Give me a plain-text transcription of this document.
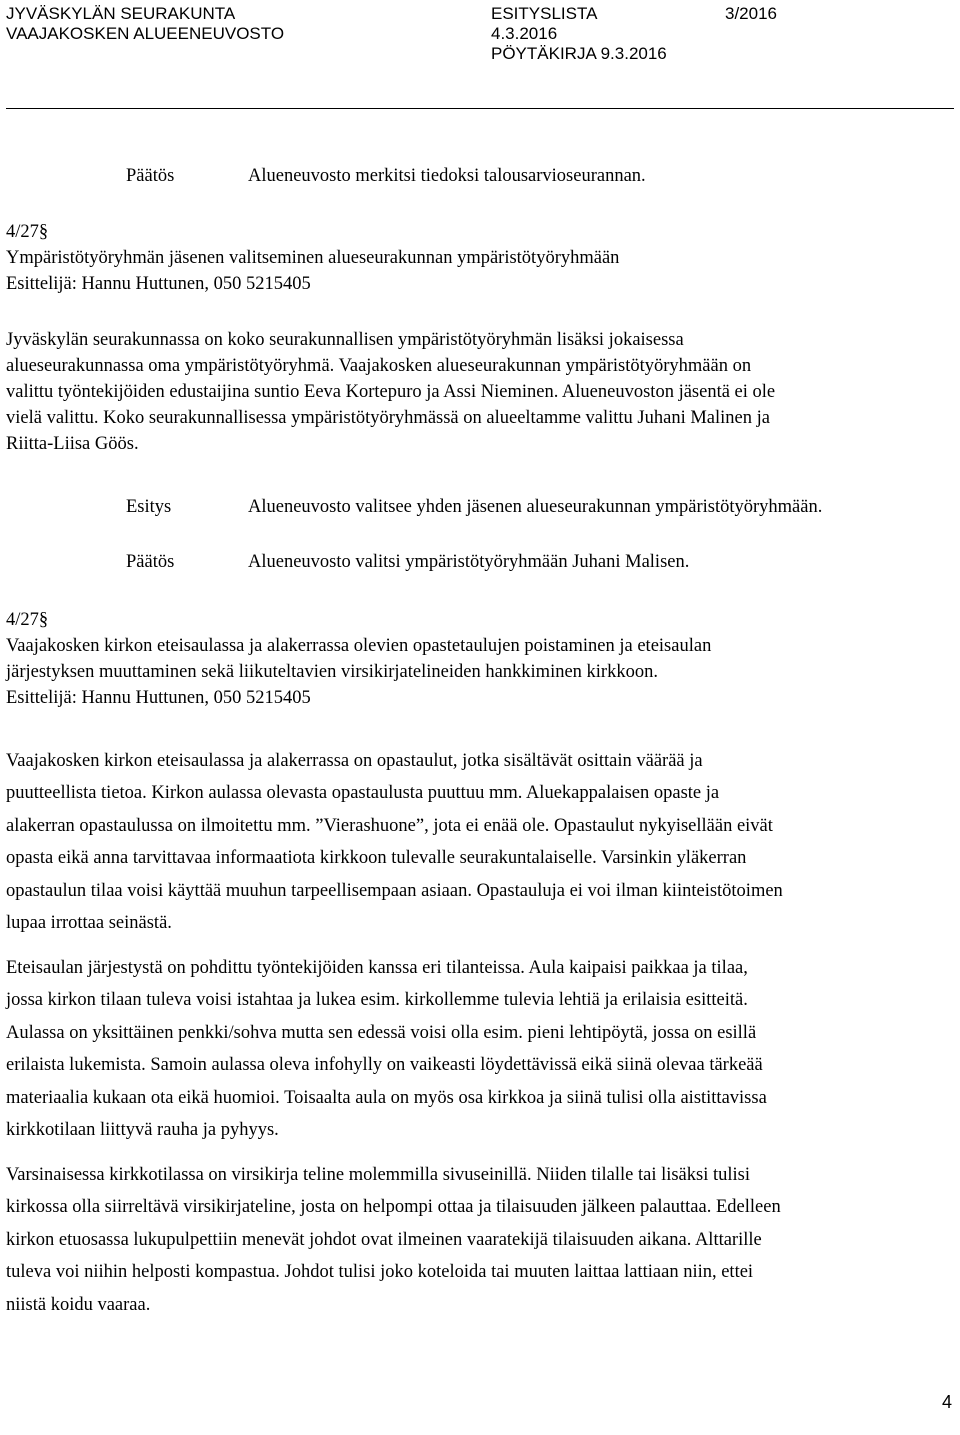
JYVÄSKYLÄN SEURAKUNTA
VAAJAKOSKEN ALUEENEUVOSTO
ESITYSLISTA	3/2016
4.3.2016
PÖYTÄKIRJA 9.3.2016
Päätös	Alueneuvosto merkitsi tiedoksi talousarvioseurannan.
4/27§
Ympäristötyöryhmän jäsenen valitseminen alueseurakunnan ympäristötyöryhmään
Esittelijä: Hannu Huttunen, 050 5215405
Jyväskylän seurakunnassa on koko seurakunnallisen ympäristötyöryhmän lisäksi jokaisessa
alueseurakunnassa oma ympäristötyöryhmä. Vaajakosken alueseurakunnan ympäristötyöryhmään on
valittu työntekijöiden edustaijina suntio Eeva Kortepuro ja Assi Nieminen. Alueneuvoston jäsentä ei ole
vielä valittu. Koko seurakunnallisessa ympäristötyöryhmässä on alueeltamme valittu Juhani Malinen ja
Riitta-Liisa Göös.
Esitys	Alueneuvosto valitsee yhden jäsenen alueseurakunnan ympäristötyöryhmään.
Päätös	Alueneuvosto valitsi ympäristötyöryhmään Juhani Malisen.
4/27§
Vaajakosken kirkon eteisaulassa ja alakerrassa olevien opastetaulujen poistaminen ja eteisaulan
järjestyksen muuttaminen sekä liikuteltavien virsikirjatelineiden hankkiminen kirkkoon.
Esittelijä: Hannu Huttunen, 050 5215405
Vaajakosken kirkon eteisaulassa ja alakerrassa on opastaulut, jotka sisältävät osittain väärää ja
puutteellista tietoa. Kirkon aulassa olevasta opastaulusta puuttuu mm. Aluekappalaisen opaste ja
alakerran opastaulussa on ilmoitettu mm. ”Vierashuone”, jota ei enää ole. Opastaulut nykyisellään eivät
opasta eikä anna tarvittavaa informaatiota kirkkoon tulevalle seurakuntalaiselle. Varsinkin yläkerran
opastaulun tilaa voisi käyttää muuhun tarpeellisempaan asiaan. Opastauluja ei voi ilman kiinteistötoimen
lupaa irrottaa seinästä.
Eteisaulan järjestystä on pohdittu työntekijöiden kanssa eri tilanteissa. Aula kaipaisi paikkaa ja tilaa,
jossa kirkon tilaan tuleva voisi istahtaa ja lukea esim. kirkollemme tulevia lehtiä ja erilaisia esitteitä.
Aulassa on yksittäinen penkki/sohva mutta sen edessä voisi olla esim. pieni lehtipöytä, jossa on esillä
erilaista lukemista. Samoin aulassa oleva infohylly on vaikeasti löydettävissä eikä siinä olevaa tärkeää
materiaalia kukaan ota eikä huomioi. Toisaalta aula on myös osa kirkkoa ja siinä tulisi olla aistittavissa
kirkkotilaan liittyvä rauha ja pyhyys.
Varsinaisessa kirkkotilassa on virsikirja teline molemmilla sivuseinillä. Niiden tilalle tai lisäksi tulisi
kirkossa olla siirreltävä virsikirjateline, josta on helpompi ottaa ja tilaisuuden jälkeen palauttaa. Edelleen
kirkon etuosassa lukupulpettiin menevät johdot ovat ilmeinen vaaratekijä tilaisuuden aikana. Alttarille
tuleva voi niihin helposti kompastua. Johdot tulisi joko koteloida tai muuten laittaa lattiaan niin, ettei
niistä koidu vaaraa.
4
